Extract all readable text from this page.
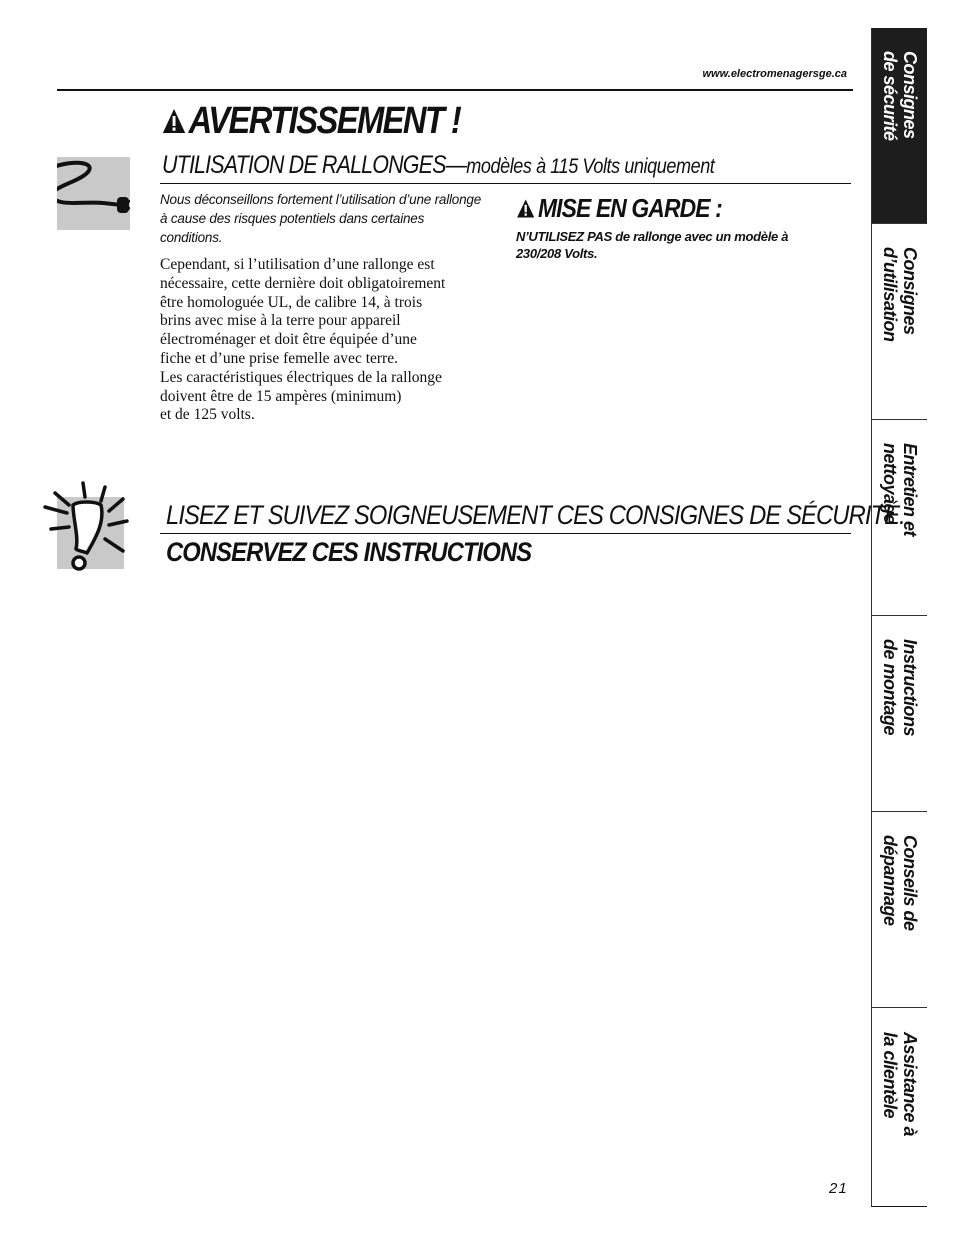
www.electromenagersge.ca
AVERTISSEMENT !
UTILISATION DE RALLONGES—modèles à 115 Volts uniquement
Nous déconseillons fortement l’utilisation d’une rallonge à cause des risques potentiels dans certaines conditions.
Cependant, si l’utilisation d’une rallonge est
nécessaire, cette dernière doit obligatoirement
être homologuée UL, de calibre 14, à trois
brins avec mise à la terre pour appareil
électroménager et doit être équipée d’une
fiche et d’une prise femelle avec terre.
Les caractéristiques électriques de la rallonge
doivent être de 15 ampères (minimum)
et de 125 volts.
MISE EN GARDE :
N’UTILISEZ PAS de rallonge avec un modèle à 230/208 Volts.
LISEZ ET SUIVEZ SOIGNEUSEMENT CES CONSIGNES DE SÉCURITÉ.
CONSERVEZ CES INSTRUCTIONS
21
Consignes
de sécurité
Consignes
d’utilisation
Entretien et
nettoyage
Instructions
de montage
Conseils de
dépannage
Assistance à
la clientèle
